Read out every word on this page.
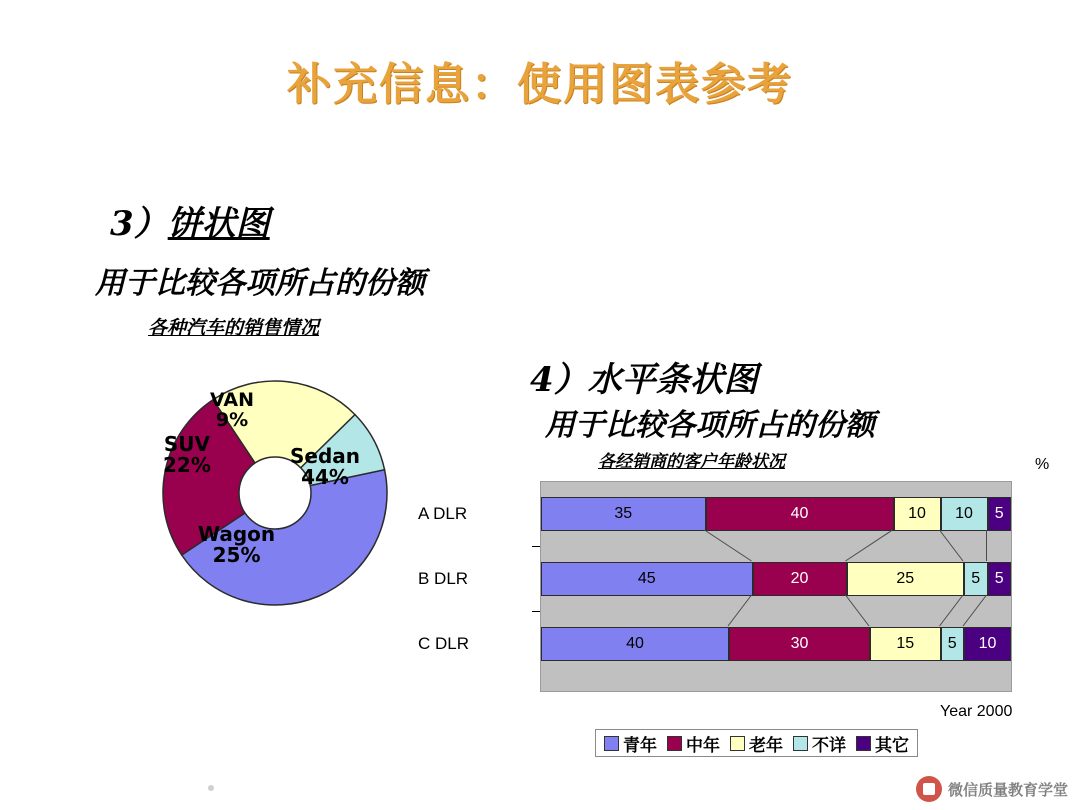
补充信息：使用图表参考
3）饼状图
用于比较各项所占的份额
各种汽车的销售情况
Sedan
44%
Wagon
25%
SUV
22%
VAN
9%
4）水平条状图
用于比较各项所占的份额
各经销商的客户年龄状况	%
35	40	10	10	5
45	20	25	5 5
40	30	15	5	10
A DLR
B DLR
C DLR
Year 2000
青年 中年 老年 不详 其它
微信质量教育学堂
